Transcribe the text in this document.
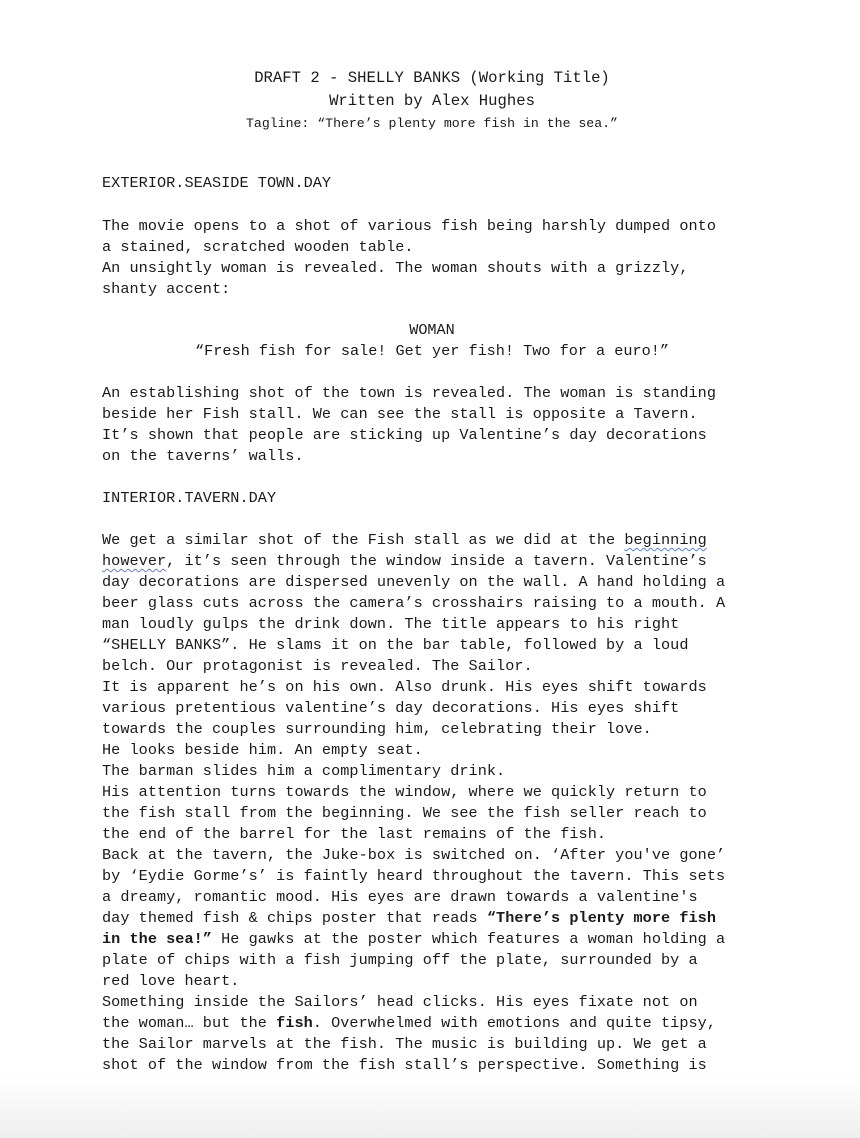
DRAFT 2 - SHELLY BANKS (Working Title)
Written by Alex Hughes
Tagline: “There’s plenty more fish in the sea.”
EXTERIOR.SEASIDE TOWN.DAY
The movie opens to a shot of various fish being harshly dumped onto
a stained, scratched wooden table.
An unsightly woman is revealed. The woman shouts with a grizzly,
shanty accent:
WOMAN
“Fresh fish for sale! Get yer fish! Two for a euro!”
An establishing shot of the town is revealed. The woman is standing
beside her Fish stall. We can see the stall is opposite a Tavern.
It’s shown that people are sticking up Valentine’s day decorations
on the taverns’ walls.
INTERIOR.TAVERN.DAY
We get a similar shot of the Fish stall as we did at the beginning
however, it’s seen through the window inside a tavern. Valentine’s
day decorations are dispersed unevenly on the wall. A hand holding a
beer glass cuts across the camera’s crosshairs raising to a mouth. A
man loudly gulps the drink down. The title appears to his right
“SHELLY BANKS”. He slams it on the bar table, followed by a loud
belch. Our protagonist is revealed. The Sailor.
It is apparent he’s on his own. Also drunk. His eyes shift towards
various pretentious valentine’s day decorations. His eyes shift
towards the couples surrounding him, celebrating their love.
He looks beside him. An empty seat.
The barman slides him a complimentary drink.
His attention turns towards the window, where we quickly return to
the fish stall from the beginning. We see the fish seller reach to
the end of the barrel for the last remains of the fish.
Back at the tavern, the Juke-box is switched on. ‘After you've gone’
by ‘Eydie Gorme’s’ is faintly heard throughout the tavern. This sets
a dreamy, romantic mood. His eyes are drawn towards a valentine's
day themed fish & chips poster that reads “There’s plenty more fish
in the sea!” He gawks at the poster which features a woman holding a
plate of chips with a fish jumping off the plate, surrounded by a
red love heart.
Something inside the Sailors’ head clicks. His eyes fixate not on
the woman… but the fish. Overwhelmed with emotions and quite tipsy,
the Sailor marvels at the fish. The music is building up. We get a
shot of the window from the fish stall’s perspective. Something is
